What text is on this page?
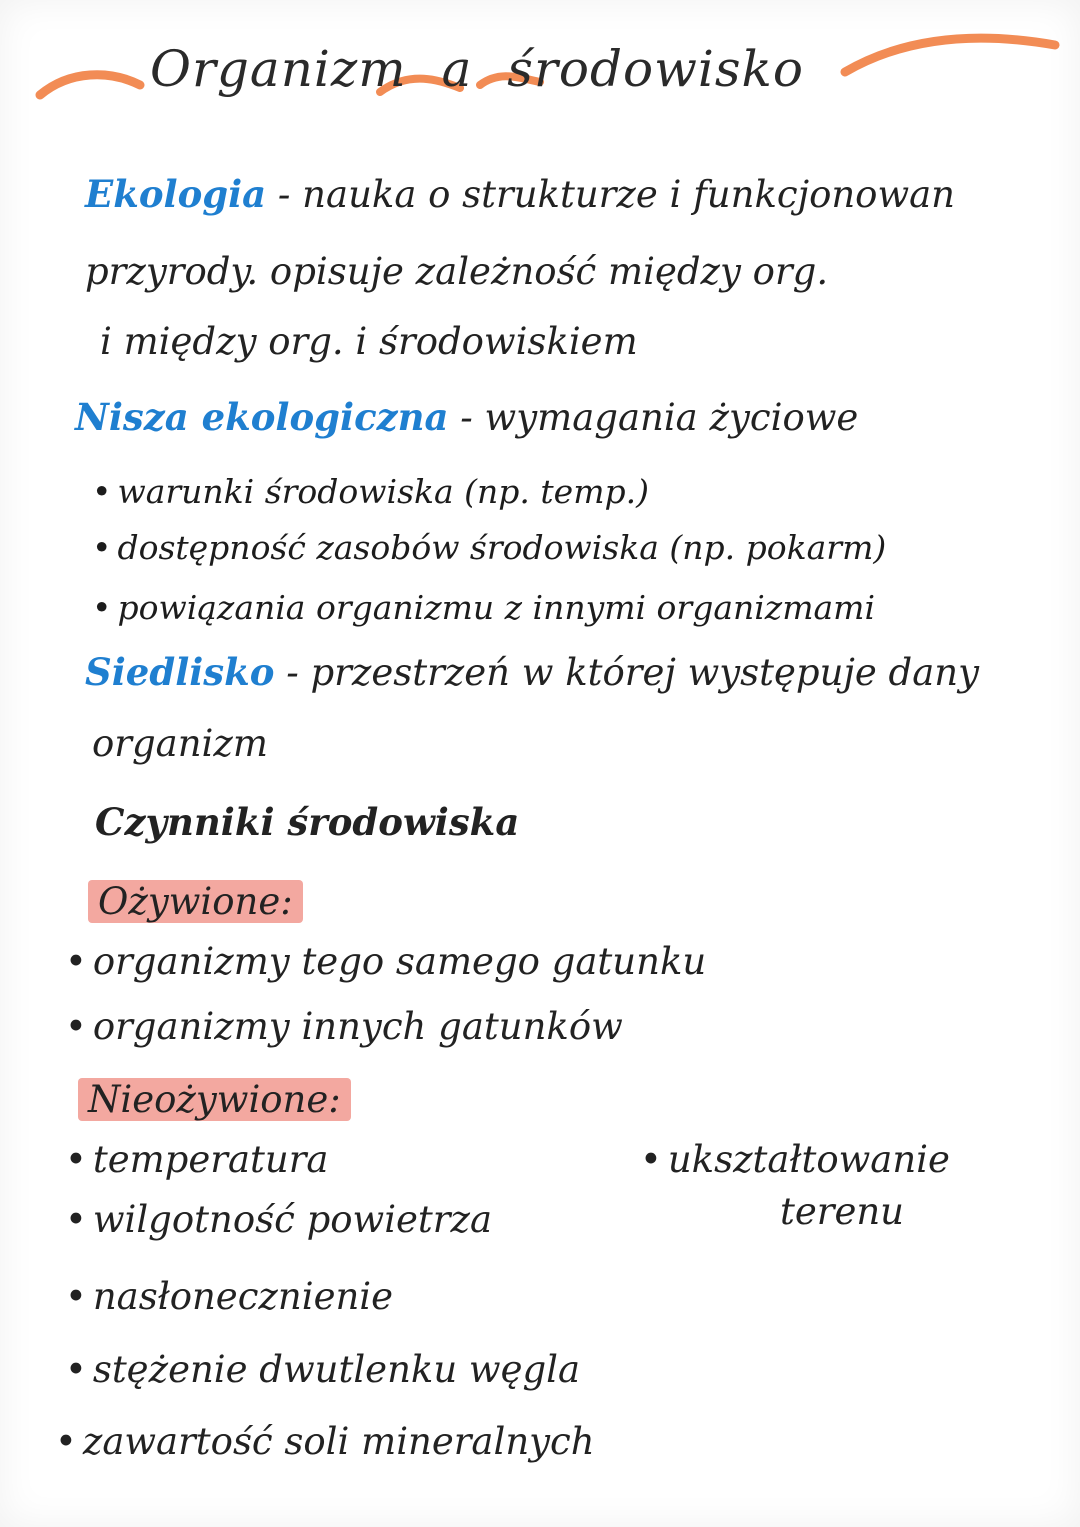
Organizm a środowisko
Ekologia - nauka o strukturze i funkcjonowan
przyrody. opisuje zależność między org.
i między org. i środowiskiem
Nisza ekologiczna - wymagania życiowe
• warunki środowiska (np. temp.)
• dostępność zasobów środowiska (np. pokarm)
• powiązania organizmu z innymi organizmami
Siedlisko - przestrzeń w której występuje dany
organizm
Czynniki środowiska
Ożywione:
• organizmy tego samego gatunku
• organizmy innych gatunków
Nieożywione:
• temperatura
• wilgotność powietrza
• nasłonecznienie
• stężenie dwutlenku węgla
• zawartość soli mineralnych
• ukształtowanie
terenu
